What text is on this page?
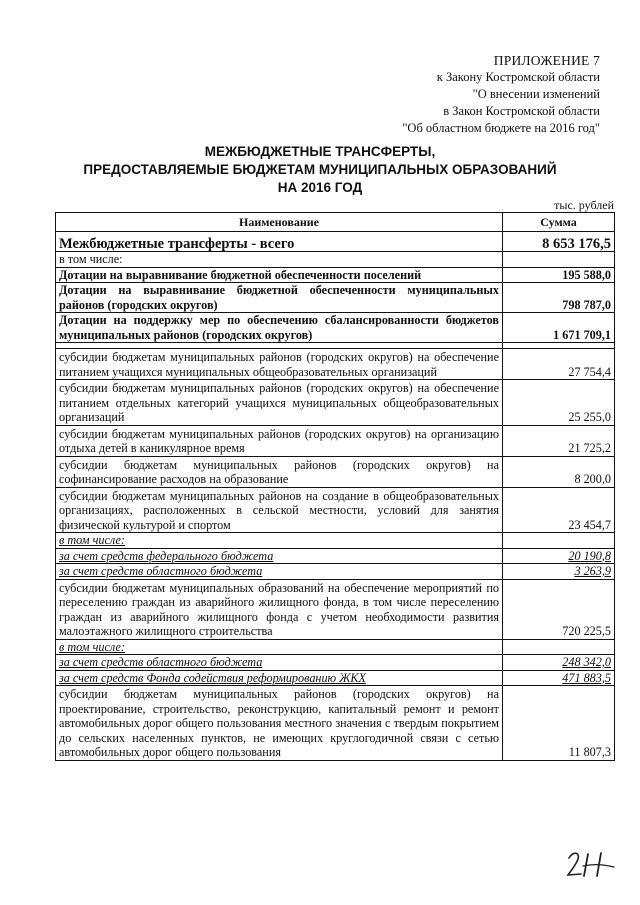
ПРИЛОЖЕНИЕ 7
к Закону Костромской области
"О внесении изменений
в Закон Костромской области
"Об областном бюджете на 2016 год"
МЕЖБЮДЖЕТНЫЕ ТРАНСФЕРТЫ,
ПРЕДОСТАВЛЯЕМЫЕ БЮДЖЕТАМ МУНИЦИПАЛЬНЫХ ОБРАЗОВАНИЙ
НА 2016 ГОД
тыс. рублей
Наименование	Сумма
Межбюджетные трансферты - всего	8 653 176,5
в том числе:	
Дотации на выравнивание бюджетной обеспеченности поселений	195 588,0
Дотации на выравнивание бюджетной обеспеченности муниципальных районов (городских округов)	798 787,0
Дотации на поддержку мер по обеспечению сбалансированности бюджетов муниципальных районов (городских округов)	1 671 709,1

субсидии бюджетам муниципальных районов (городских округов) на обеспечение питанием учащихся муниципальных общеобразовательных организаций	27 754,4
субсидии бюджетам муниципальных районов (городских округов) на обеспечение питанием отдельных категорий учащихся муниципальных общеобразовательных организаций	25 255,0
субсидии бюджетам муниципальных районов (городских округов) на организацию отдыха детей в каникулярное время	21 725,2
субсидии бюджетам муниципальных районов (городских округов) на софинансирование расходов на образование	8 200,0
субсидии бюджетам муниципальных районов на создание в общеобразовательных организациях, расположенных в сельской местности, условий для занятия физической культурой и спортом	23 454,7
в том числе:	
за счет средств федерального бюджета	20 190,8
за счет средств областного бюджета	3 263,9
субсидии бюджетам муниципальных образований на обеспечение мероприятий по переселению граждан из аварийного жилищного фонда, в том числе переселению граждан из аварийного жилищного фонда с учетом необходимости развития малоэтажного жилищного строительства	720 225,5
в том числе:	
за счет средств областного бюджета	248 342,0
за счет средств Фонда содействия реформированию ЖКХ	471 883,5
субсидии бюджетам муниципальных районов (городских округов) на проектирование, строительство, реконструкцию, капитальный ремонт и ремонт автомобильных дорог общего пользования местного значения с твердым покрытием до сельских населенных пунктов, не имеющих круглогодичной связи с сетью автомобильных дорог общего пользования	11 807,3
